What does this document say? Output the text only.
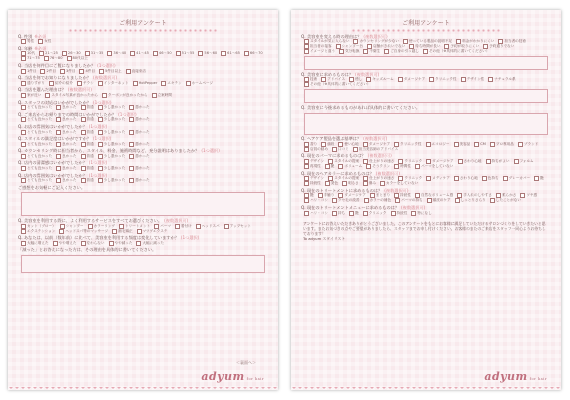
ご利用アンケート
Q. 性別 ※必須
男性	女性
Q. 年齢 ※必須
10代	21〜25	26〜30	31〜35	36〜40	41〜45	46〜50	51〜55	56〜60	61〜65	66〜70
71〜75	76〜80	80代以上
Q. 当店を何件目にご覧になりましたか？ (1つ選択)
1件目	2件目	3件目	4件目	5件目以上	直接来店
Q. 当店を何でお知りになりましたか？ (複数選択可)
通りすがり	紹介の紹介	チラシ	インターネット	HotPepper	エキテン	ホームページ
Q. 当店を選んだ理由は？ (複数選択可)
家が近い	スタイル写真が良かったから	クーポンが良かったから	立案時間
Q. スタッフの対応はいかがでしたか？ (1つ選択)
とても良かった	良かった	普通	少し悪かった	悪かった
Q. ご来店からお帰りまでの時間はいかがでしたか？ (1つ選択)
とても良かった	良かった	普通	少し悪かった	悪かった
Q. お店の雰囲気はいかがでしたか？ (1つ選択)
とても良かった	良かった	普通	少し悪かった	悪かった
Q. スタイルの満足度はいかがですか？ (1つ選択)
とても良かった	良かった	普通	少し悪かった	悪かった
Q. カウンセリング時に担当者から、スタイル、料金、施術時間など、充分説明はありましたか？ (1つ選択)
とても良かった	良かった	普通	少し悪かった	悪かった
Q. 店内の清潔感はいかがでしたか？ (1つ選択)
とても良かった	良かった	普通	少し悪かった	悪かった
Q. 店内の雰囲気はいかがでしたか？ (1つ選択)
とても良かった	良かった	普通	少し悪かった	悪かった
ご感想をお気軽にご記入ください。
Q. 美容室を利用する際に、よく利用するサービスをすべてお選びください。 (複数選択可)
カット（ブロー）	シャンプー	カラーリング	トリートメント	パーマ	着付け	ヘッドスパ	アップセット
エクステンション	ヘッドスパ等のマッサージ	縮毛矯正	マツゲエクステ
Q. あなたは、以前（数年前）に比べて、美容室を利用する頻度は変化していますか？ (1つ選択)
大幅に増えた	やや増えた	変わらない	やや減った	大幅に減った
「減った」とお答えになった方は、その理由を具体的に書いてください。
＜裏面へ＞
adyum for hair
ご利用アンケート
Q. 美容室を変える時の理由は？ (複数選択可)
スタイルが気に入らない	カウンセリングが少ない	使っている製品の説明不足	料金がわかりにくい	担当者の技術
担当者の接客	シャンプー台	店舗がきれいでない	待ち時間が長い	予約が取りにくい	予約通りでない
イメージと違う	気分転換	不衛生	ご自身の引っ越し	その他（※具体的に書いてください）
Q. 美容室に求めるものは？ (複数選択可)
技術	アドバイス	癒し	キッズルーム	ダメージケア	クリニック性	デザイン性	ナチュラル系
その他（※具体的に書いてください）
Q. 美容室に今後求めるものがあれば具体的に書いてください。
Q. ヘアケア製品を選ぶ基準は？ (複数選択可)
香り	値段	使い心地	ダメージケア	クリニック性	エコロジー	美容品	CM	プロ専用品	ブランド
店員の勧め	口コミ	担当美容師のアドバイス
Q. 現在のパーマに求めるものは？ (複数選択可)
デザイン	スタイルの提案	仕上がりの速さ	クリニック	ダメージケア	さわり心地	持ちがよい	フォルム
再現性	艶	ボリューム	そうクリン	時間性	パーマをしていない
Q. 現在のヘアカラーに求めるものは？ (複数選択可)
デザイン	スタイルの提案	仕上がりの速さ	クリニック	メディケア	さわり心地	色持ち	グレーカバー	艶
持続性	発色	明るさ	傷み	カラーをしていない
Q. 現在のトリートメントに求めるものは？ (複数選択可)
艶	手触り	ダメージケア	まとまり	持続性	自然なボリューム感	手入れのしやすさ	柔らかさ	ツヤ感
ハリ・コシ	クセ毛の改善	カラーの補色	パーマの持ち	頭皮のケア	しっとりさらり	したことがない
Q. 現在のトリートメントメニューに求めるものは？ (複数選択可)
ハリ・コシ	持ち	艶	クリニック	持続性	特になし
アンケートにお答えいただきありがとうございました。このアンケートをもとにお客様に満足していただけるサロンづくりをしていきたいと思います。またお気づきの点やご要望がありましたら、スタッフまでお申し付けください。お客様のまたのご来店をスタッフ一同心よりお待ちしております！
To adyum スタイリスト
adyum for hair
